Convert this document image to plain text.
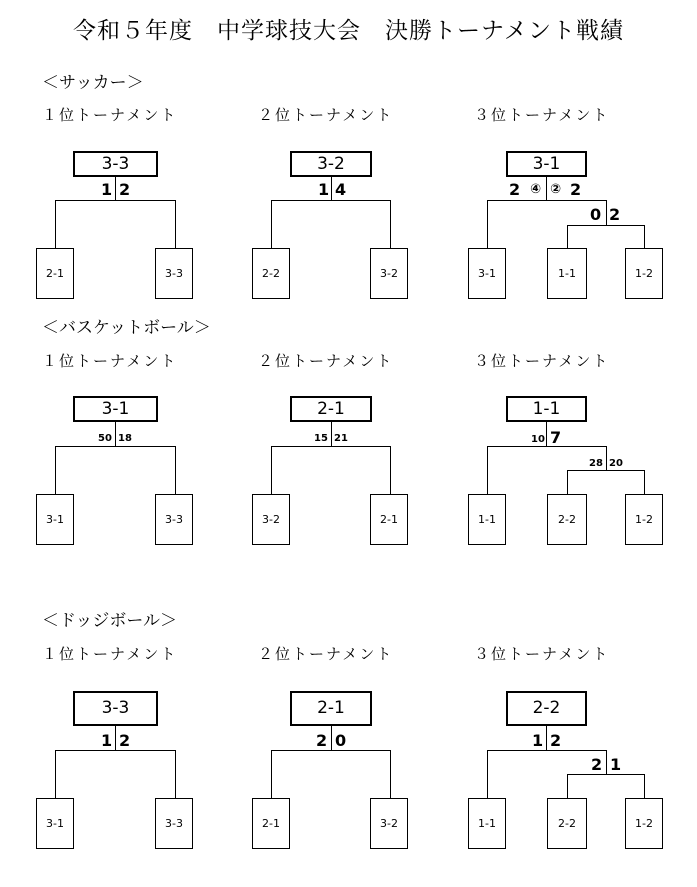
令和５年度　中学球技大会　決勝トーナメント戦績
＜サッカー＞
１位トーナメント
3-3
1 2
2-1	3-3
２位トーナメント
3-2
1 4
2-2	3-2
３位トーナメント
3-1
2 ④ ② 2
0 2
3-1	1-1	1-2
＜バスケットボール＞
１位トーナメント
3-1
50 18
3-1	3-3
２位トーナメント
2-1
15 21
3-2	2-1
３位トーナメント
1-1
10 7
28 20
1-1	2-2	1-2
＜ドッジボール＞
１位トーナメント
3-3
1 2
3-1	3-3
２位トーナメント
2-1
2 0
2-1	3-2
３位トーナメント
2-2
1 2
2 1
1-1	2-2	1-2
